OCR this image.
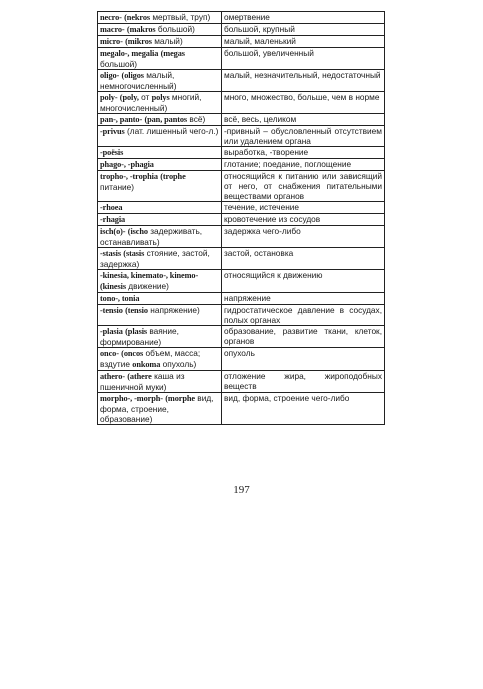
necro- (nekros мертвый, труп)	омертвение
macro- (makros большой)	большой, крупный
micro- (mikros малый)	малый, маленький
megalo-, megalia (megas большой)	большой, увеличенный
oligo- (oligos малый, немногочисленный)	малый, незначительный, недостаточный
poly- (poly, от polys многий, многочисленный)	много, множество, больше, чем в норме
pan-, panto- (pan, pantos всё)	всё, весь, целиком
-privus (лат. лишенный чего-л.)	-привный – обусловленный отсутствием или удалением органа
-poёsis	выработка, -творение
phago-, -phagia	глотание; поедание, поглощение
tropho-, -trophia (trophe питание)	относящийся к питанию или зависящий от него, от снабжения питательными веществами органов
-rhoea	течение, истечение
-rhagia	кровотечение из сосудов
isch(o)- (ischo задерживать, останавливать)	задержка чего-либо
-stasis (stasis стояние, застой, задержка)	застой, остановка
-kinesia, kinemato-, kinemo- (kinesis движение)	относящийся к движению
tono-, tonia	напряжение
-tensio (tensio напряжение)	гидростатическое давление в сосудах, полых органах
-plasia (plasis ваяние, формирование)	образование, развитие ткани, клеток, органов
onco- (oncos объем, масса; вздутие onkoma опухоль)	опухоль
athero- (athere каша из пшеничной муки)	отложение жира, жироподобных веществ
morpho-, -morph- (morphe вид, форма, строение, образование)	вид, форма, строение чего-либо
197
